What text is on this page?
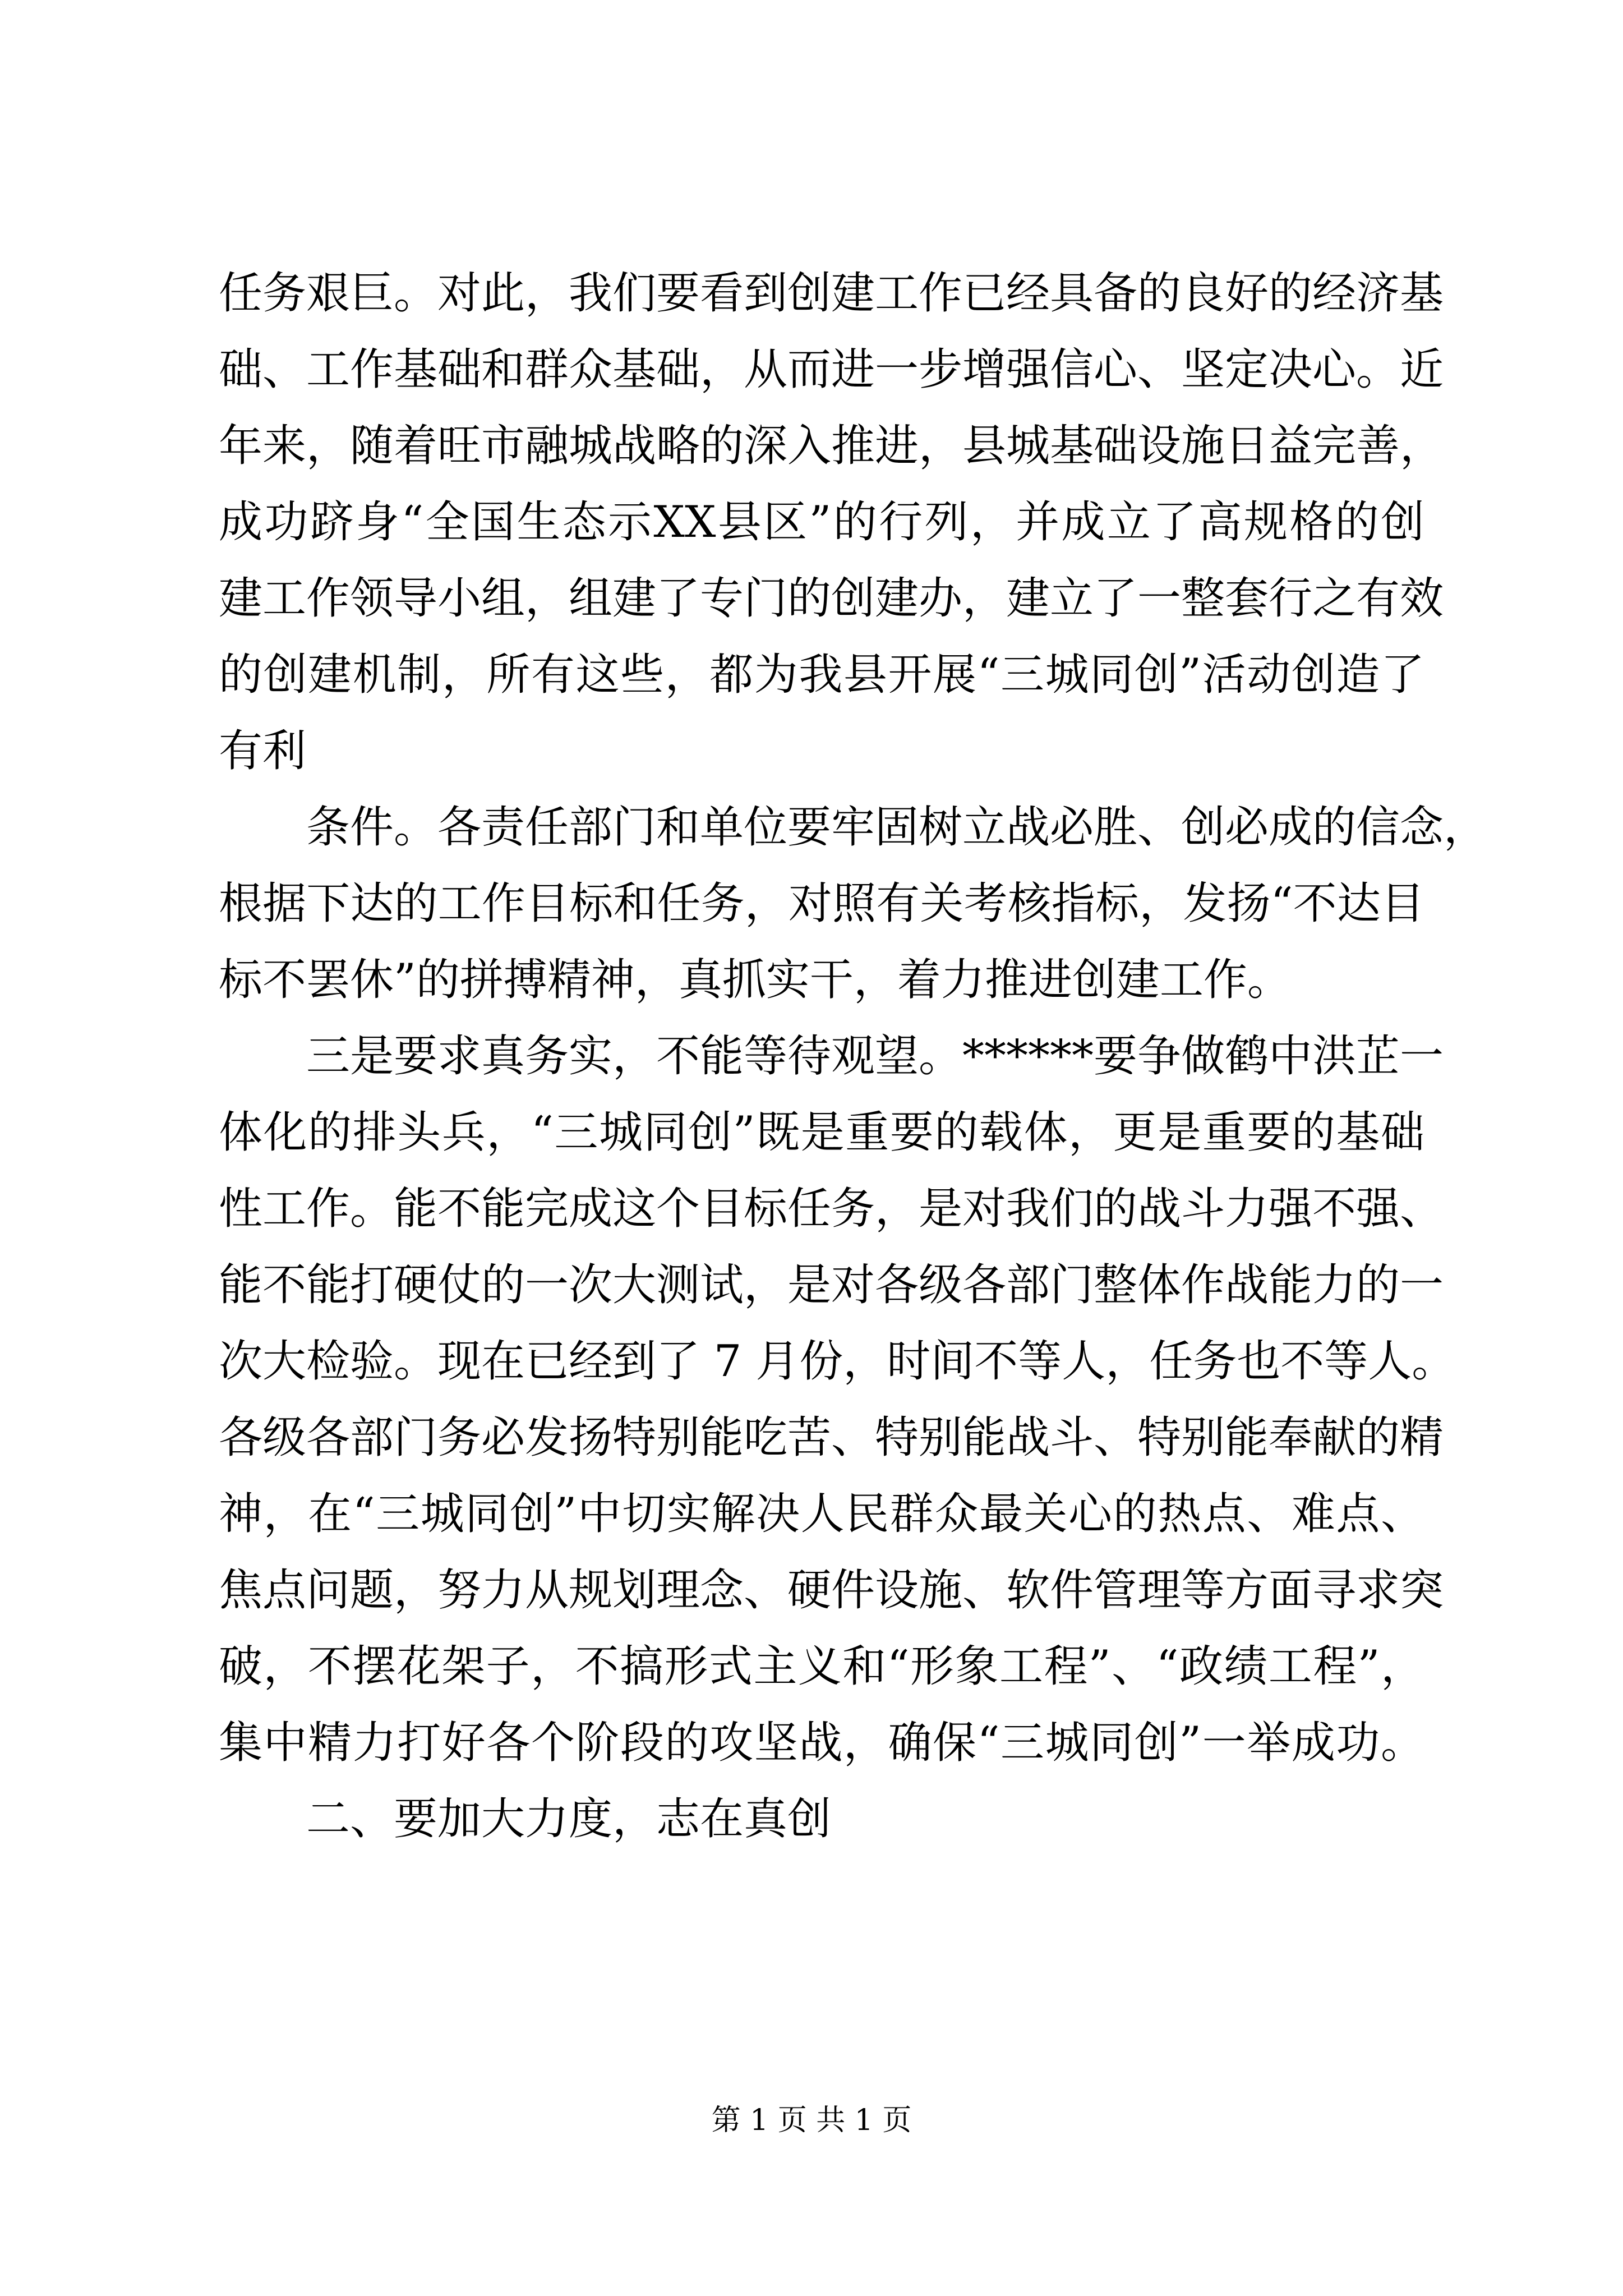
任务艰巨。对此，我们要看到创建工作已经具备的良好的经济基
础、工作基础和群众基础，从而进一步增强信心、坚定决心。近
年来，随着旺市融城战略的深入推进，县城基础设施日益完善，
成功跻身“全国生态示XX县区”的行列，并成立了高规格的创
建工作领导小组，组建了专门的创建办，建立了一整套行之有效
的创建机制，所有这些，都为我县开展“三城同创”活动创造了
有利
条件。各责任部门和单位要牢固树立战必胜、创必成的信念，
根据下达的工作目标和任务，对照有关考核指标，发扬“不达目
标不罢休”的拼搏精神，真抓实干，着力推进创建工作。
三是要求真务实，不能等待观望。******要争做鹤中洪芷一
体化的排头兵，“三城同创”既是重要的载体，更是重要的基础
性工作。能不能完成这个目标任务，是对我们的战斗力强不强、
能不能打硬仗的一次大测试，是对各级各部门整体作战能力的一
次大检验。现在已经到了 7 月份，时间不等人，任务也不等人。
各级各部门务必发扬特别能吃苦、特别能战斗、特别能奉献的精
神，在“三城同创”中切实解决人民群众最关心的热点、难点、
焦点问题，努力从规划理念、硬件设施、软件管理等方面寻求突
破，不摆花架子，不搞形式主义和“形象工程”、“政绩工程”，
集中精力打好各个阶段的攻坚战，确保“三城同创”一举成功。
二、要加大力度，志在真创
第 1 页 共 1 页
